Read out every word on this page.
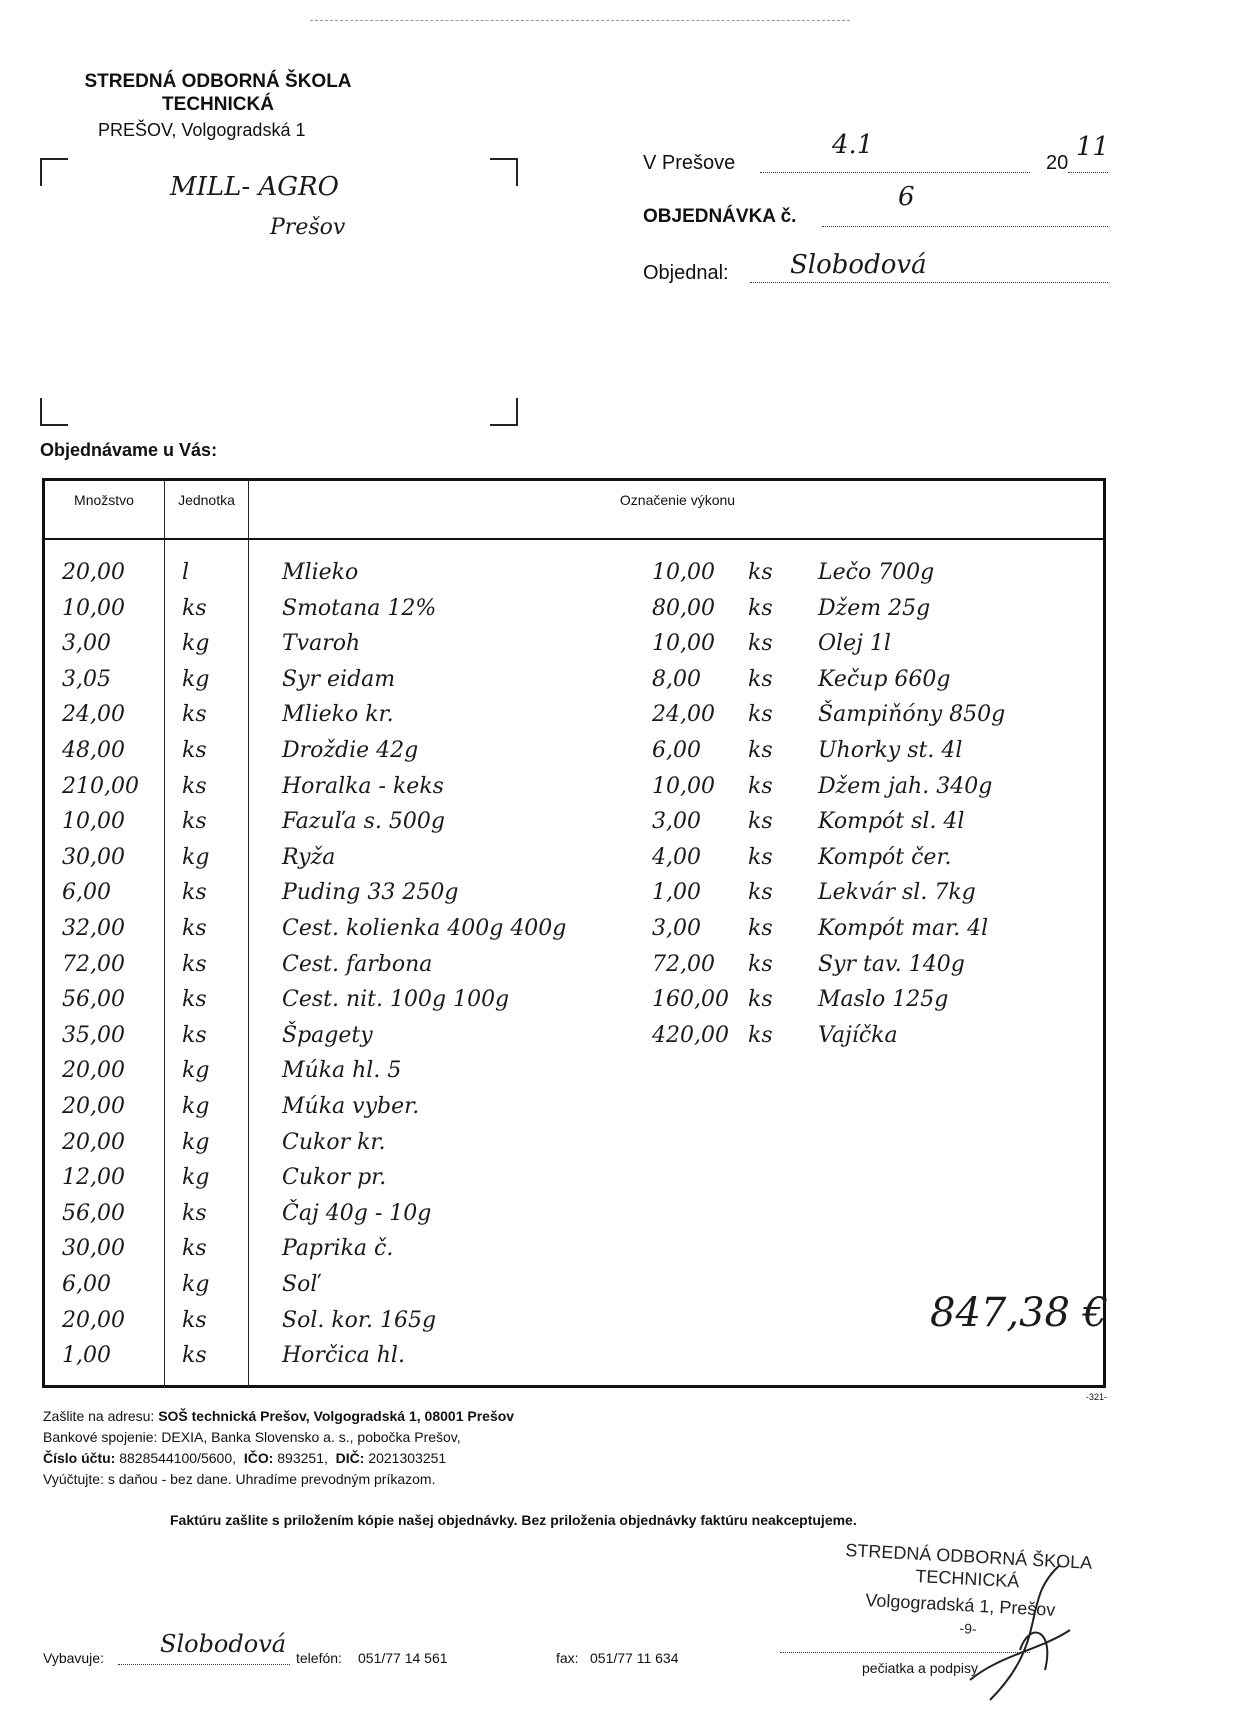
STREDNÁ ODBORNÁ ŠKOLA
TECHNICKÁ
PREŠOV, Volgogradská 1
MILL- AGRO
Prešov
V Prešove
4.1
20
11
OBJEDNÁVKA č.
6
Objednal: Slobodová
Objednávame u Vás:
Množstvo	Jednotka	Označenie výkonu
20,00	l	Mlieko
10,00	ks	Smotana 12%
3,00	kg	Tvaroh
3,05	kg	Syr eidam
24,00	ks	Mlieko kr.
48,00	ks	Droždie 42g
210,00 ks	Horalka - keks
10,00	ks	Fazuľa s. 500g
30,00	kg	Ryža
6,00	ks	Puding 33 250g
32,00	ks	Cest. kolienka 400g 400g
72,00	ks	Cest. farbona
56,00	ks	Cest. nit. 100g 100g
35,00	ks	Špagety
20,00	kg	Múka hl. 5
20,00	kg	Múka vyber.
20,00	kg	Cukor kr.
12,00	kg	Cukor pr.
56,00	ks	Čaj 40g - 10g
30,00	ks	Paprika č.
6,00	kg	Soľ
20,00	ks	Sol. kor. 165g
1,00	ks	Horčica hl.
10,00 ks Lečo 700g
80,00 ks Džem 25g
10,00 ks Olej 1l
8,00 ks Kečup 660g
24,00 ks Šampiňóny 850g
6,00 ks Uhorky st. 4l
10,00 ks Džem jah. 340g
3,00 ks Kompót sl. 4l
4,00 ks Kompót čer.
1,00 ks Lekvár sl. 7kg
3,00 ks Kompót mar. 4l
72,00 ks Syr tav. 140g
160,00 ks Maslo 125g
420,00 ks Vajíčka
847,38 €
-321-
Zašlite na adresu: SOŠ technická Prešov, Volgogradská 1, 08001 Prešov
Bankové spojenie: DEXIA, Banka Slovensko a. s., pobočka Prešov,
Číslo účtu: 8828544100/5600, IČO: 893251, DIČ: 2021303251
Vyúčtujte: s daňou - bez dane. Uhradíme prevodným príkazom.
Faktúru zašlite s priložením kópie našej objednávky. Bez priloženia objednávky faktúru neakceptujeme.
STREDNÁ ODBORNÁ ŠKOLA
TECHNICKÁ
Volgogradská 1, Prešov
-9-
Vybavuje: Slobodová telefón: 051/77 14 561	fax: 051/77 11 634
pečiatka a podpisy
